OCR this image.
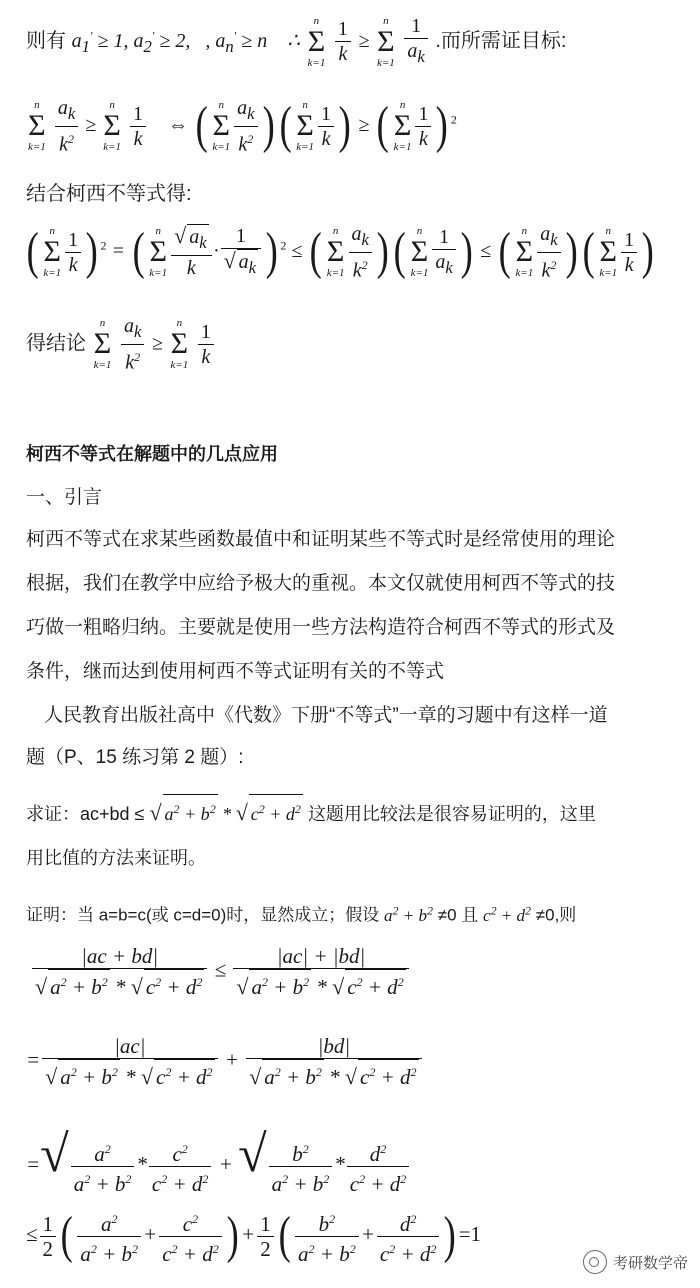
则有 $a_1' \ge 1$, $a_2' \ge 2$,   , $a_n' \ge n$    ∴
n
Σ
k=1
$\frac{1}{k}$ ≥
n
Σ
k=1
$\frac{1}{a_k}$ .而所需证目标:
n
Σ
k=1
$\frac{a_k}{k^2}$ ≥
n
Σ
k=1
$\frac{1}{k}$ ⇔ ( n
Σ
$k=1 \frac{a_k}{k^2}$ )( n
Σ
$k=1 \frac{1}{k}$ ) ≥ ( n
Σ
$k=1 \frac{1}{k}$ ) $^2$
结合柯西不等式得:
( n
Σ
$k=1 \frac{1}{k}$ ) $^2$ = ( n
Σ
$k=1 \frac{√ a_k}{k} \cdot \frac{1}{√ a_k}$ ) $^2$ ≤ ( n
Σ
$k=1 \frac{a_k}{k^2}$ )( n
Σ
$k=1 \frac{1}{a_k}$ ) ≤ ( n
Σ
$k=1 \frac{a_k}{k^2}$ )( n
Σ
$k=1 \frac{1}{k}$ )
得结论
n
Σ
k=1
$\frac{a_k}{k^2}$ ≥
n
Σ
k=1
$\frac{1}{k}$
柯西不等式在解题中的几点应用
一、引言
柯西不等式在求某些函数最值中和证明某些不等式时是经常使用的理论
根据，我们在教学中应给予极大的重视。本文仅就使用柯西不等式的技
巧做一粗略归纳。主要就是使用一些方法构造符合柯西不等式的形式及
条件，继而达到使用柯西不等式证明有关的不等式
人民教育出版社高中《代数》下册“不等式”一章的习题中有这样一道
题（P、15 练习第 2 题）:
求证：ac+bd ≤ √ $a^2 + b^2$ * √ $c^2 + d^2$ 这题用比较法是很容易证明的，这里
用比值的方法来证明。
证明：当 a=b=c(或 c=d=0)时，显然成立；假设 $a^2 + b^2 \ne 0$ 且 $c^2 + d^2 \ne 0$,则
$\frac{|ac + bd|}{√ a^2 + b^2 * √ c^2 + d^2} \le \frac{|ac| + |bd|}{√ a^2 + b^2 * √ c^2 + d^2}$
= $\frac{|ac|}{√ a^2 + b^2 * √ c^2 + d^2} + \frac{|bd|}{√ a^2 + b^2 * √ c^2 + d^2}$
=√ $\frac{a^2}{a^2 + b^2} * \frac{c^2}{c^2 + d^2}$ + √ $\frac{b^2}{a^2 + b^2} * \frac{d^2}{c^2 + d^2}$
≤ $\frac{1}{2}$ ( $\frac{a^2}{a^2 + b^2} + \frac{c^2}{c^2 + d^2}$ ) + $\frac{1}{2}$ ( $\frac{b^2}{a^2 + b^2} + \frac{d^2}{c^2 + d^2}$ ) =1
考研数学帝
